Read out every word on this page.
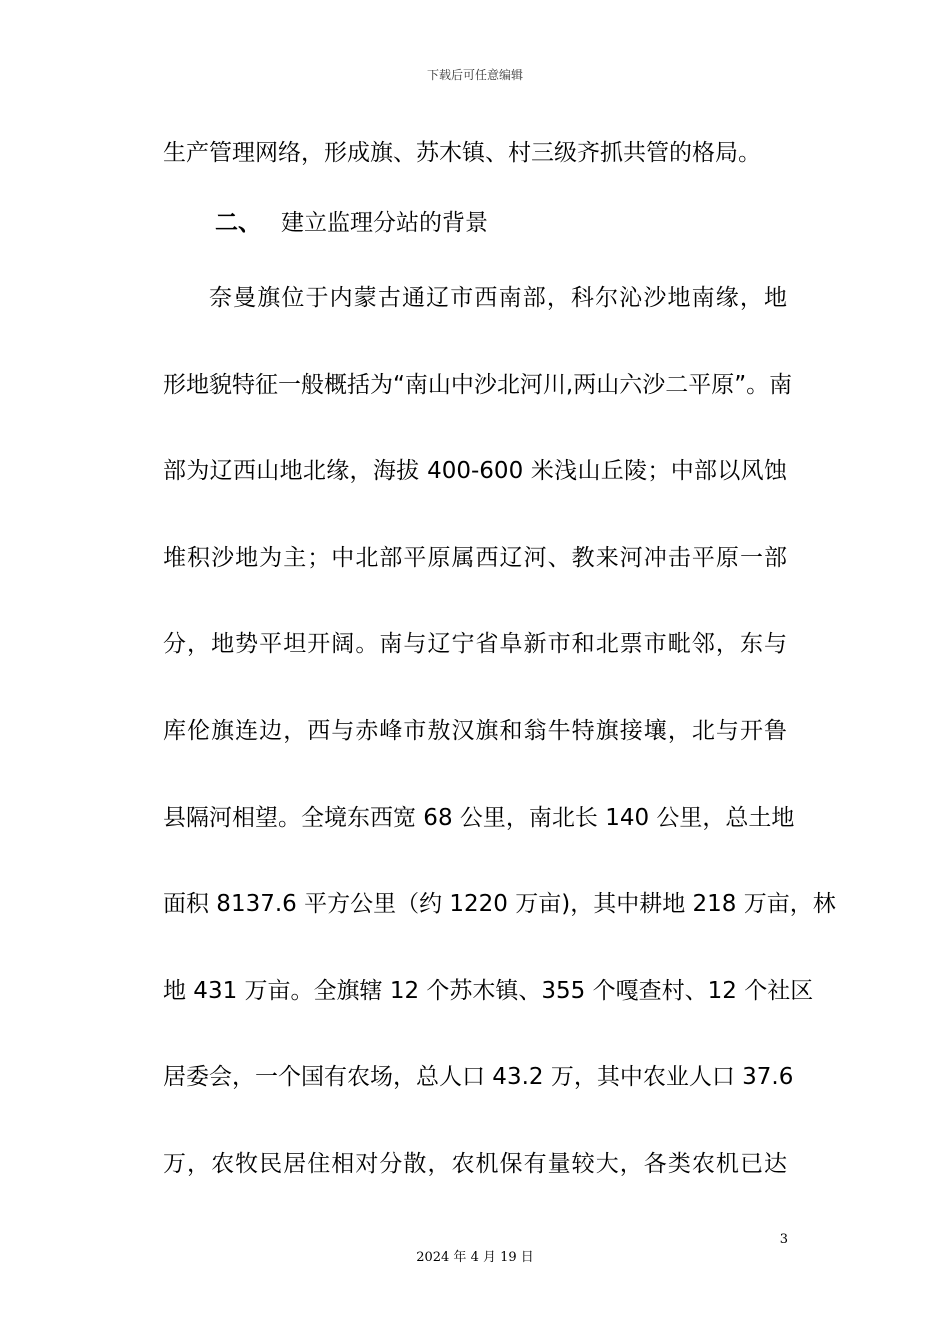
下载后可任意编辑
生产管理网络，形成旗、苏木镇、村三级齐抓共管的格局。
二、 建立监理分站的背景
奈曼旗位于内蒙古通辽市西南部，科尔沁沙地南缘，地
形地貌特征一般概括为“南山中沙北河川,两山六沙二平原”。南
部为辽西山地北缘，海拔 400-600 米浅山丘陵；中部以风蚀
堆积沙地为主；中北部平原属西辽河、教来河冲击平原一部
分，地势平坦开阔。南与辽宁省阜新市和北票市毗邻，东与
库伦旗连边，西与赤峰市敖汉旗和翁牛特旗接壤，北与开鲁
县隔河相望。全境东西宽 68 公里，南北长 140 公里，总土地
面积 8137.6 平方公里（约 1220 万亩)，其中耕地 218 万亩，林
地 431 万亩。全旗辖 12 个苏木镇、355 个嘎查村、12 个社区
居委会，一个国有农场，总人口 43.2 万，其中农业人口 37.6
万，农牧民居住相对分散，农机保有量较大，各类农机已达
3
2024 年 4 月 19 日
